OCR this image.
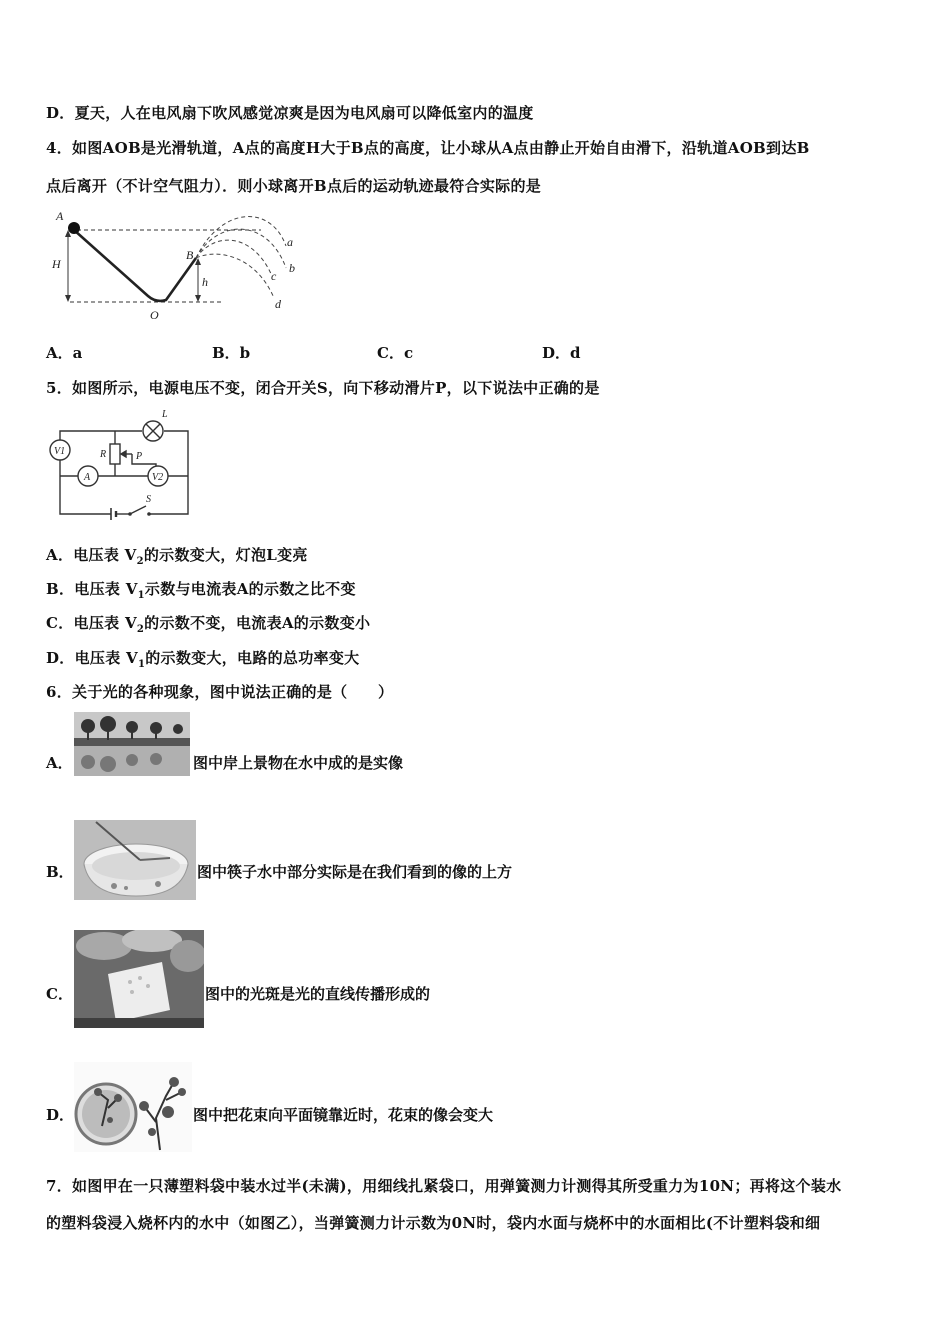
D．夏天，人在电风扇下吹风感觉凉爽是因为电风扇可以降低室内的温度
4．如图AOB是光滑轨道，A点的高度H大于B点的高度，让小球从A点由静止开始自由滑下，沿轨道AOB到达B
点后离开（不计空气阻力）．则小球离开B点后的运动轨迹最符合实际的是
A
B
O
H
h
a
b
c
d
A．a	B．b	C．c	D．d
5．如图所示，电源电压不变，闭合开关S，向下移动滑片P，以下说法中正确的是
V1
A	V2
L
R	P
S
A．电压表 $V_2$的示数变大，灯泡L变亮
B．电压表 $V_1$示数与电流表A的示数之比不变
C．电压表 $V_2$的示数不变，电流表A的示数变小
D．电压表 $V_1$的示数变大，电路的总功率变大
6．关于光的各种现象，图中说法正确的是（　　）
A．	图中岸上景物在水中成的是实像
B．	图中筷子水中部分实际是在我们看到的像的上方
C．	图中的光斑是光的直线传播形成的
D．	图中把花束向平面镜靠近时，花束的像会变大
7．如图甲在一只薄塑料袋中装水过半(未满)，用细线扎紧袋口，用弹簧测力计测得其所受重力为10N；再将这个装水
的塑料袋浸入烧杯内的水中（如图乙），当弹簧测力计示数为0N时，袋内水面与烧杯中的水面相比(不计塑料袋和细
